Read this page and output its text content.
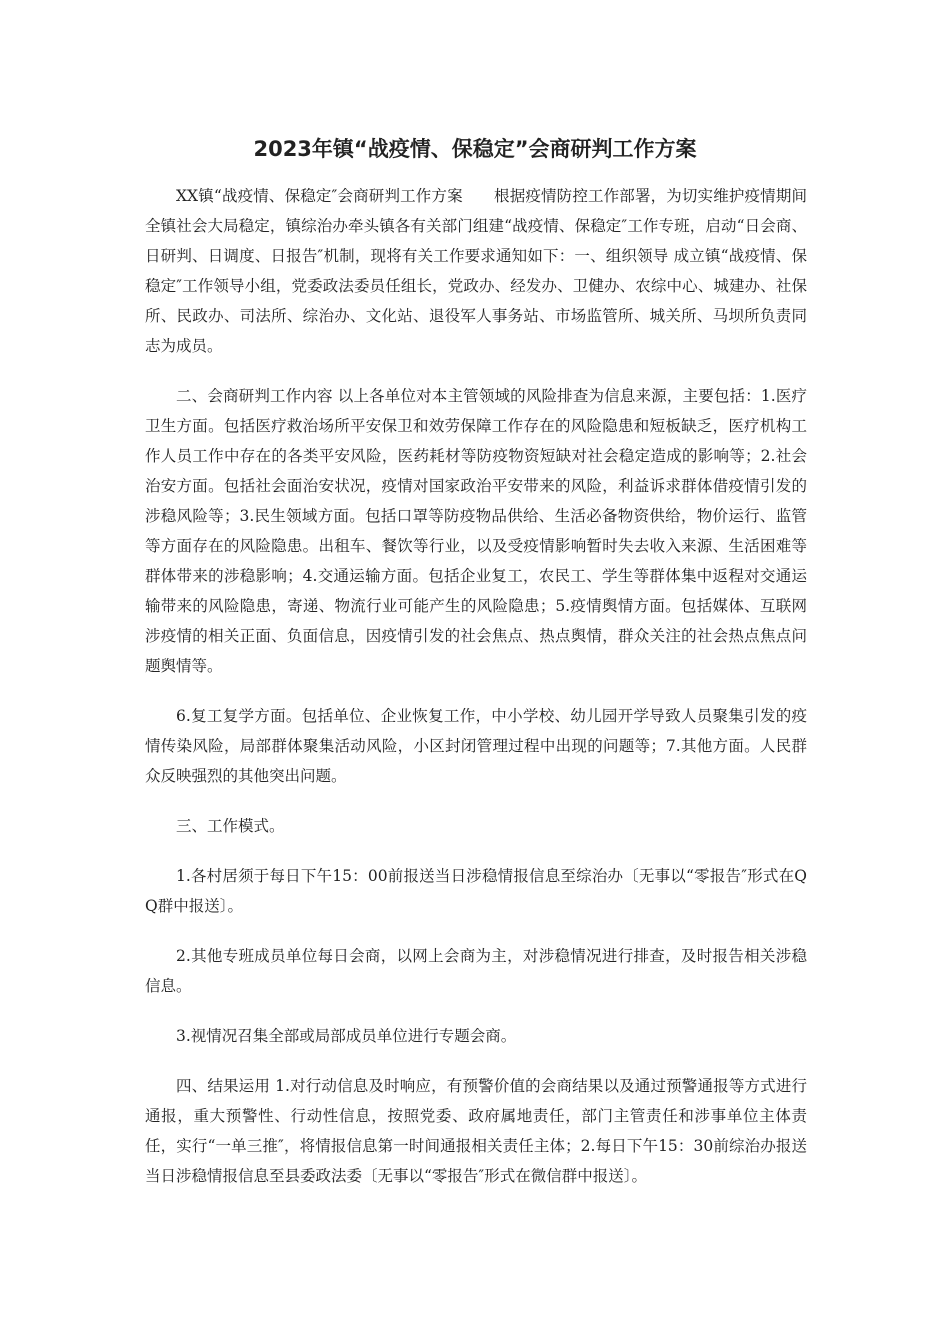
2023年镇“战疫情、保稳定”会商研判工作方案

XX镇“战疫情、保稳定″会商研判工作方案　　根据疫情防控工作部署，为切实维护疫情期间全镇社会大局稳定，镇综治办牵头镇各有关部门组建“战疫情、保稳定″工作专班，启动“日会商、日研判、日调度、日报告″机制，现将有关工作要求通知如下：一、组织领导 成立镇“战疫情、保稳定″工作领导小组，党委政法委员任组长，党政办、经发办、卫健办、农综中心、城建办、社保所、民政办、司法所、综治办、文化站、退役军人事务站、市场监管所、城关所、马坝所负责同志为成员。

二、会商研判工作内容 以上各单位对本主管领域的风险排查为信息来源，主要包括：1.医疗卫生方面。包括医疗救治场所平安保卫和效劳保障工作存在的风险隐患和短板缺乏，医疗机构工作人员工作中存在的各类平安风险，医药耗材等防疫物资短缺对社会稳定造成的影响等；2.社会治安方面。包括社会面治安状况，疫情对国家政治平安带来的风险，利益诉求群体借疫情引发的涉稳风险等；3.民生领域方面。包括口罩等防疫物品供给、生活必备物资供给，物价运行、监管等方面存在的风险隐患。出租车、餐饮等行业，以及受疫情影响暂时失去收入来源、生活困难等群体带来的涉稳影响；4.交通运输方面。包括企业复工，农民工、学生等群体集中返程对交通运输带来的风险隐患，寄递、物流行业可能产生的风险隐患；5.疫情舆情方面。包括媒体、互联网涉疫情的相关正面、负面信息，因疫情引发的社会焦点、热点舆情，群众关注的社会热点焦点问题舆情等。

6.复工复学方面。包括单位、企业恢复工作，中小学校、幼儿园开学导致人员聚集引发的疫情传染风险，局部群体聚集活动风险，小区封闭管理过程中出现的问题等；7.其他方面。人民群众反映强烈的其他突出问题。

三、工作模式。

1.各村居须于每日下午15：00前报送当日涉稳情报信息至综治办〔无事以“零报告″形式在QQ群中报送〕。

2.其他专班成员单位每日会商，以网上会商为主，对涉稳情况进行排查，及时报告相关涉稳信息。

3.视情况召集全部或局部成员单位进行专题会商。

四、结果运用 1.对行动信息及时响应，有预警价值的会商结果以及通过预警通报等方式进行通报，重大预警性、行动性信息，按照党委、政府属地责任，部门主管责任和涉事单位主体责任，实行“一单三推″，将情报信息第一时间通报相关责任主体；2.每日下午15：30前综治办报送当日涉稳情报信息至县委政法委〔无事以“零报告″形式在微信群中报送〕。
